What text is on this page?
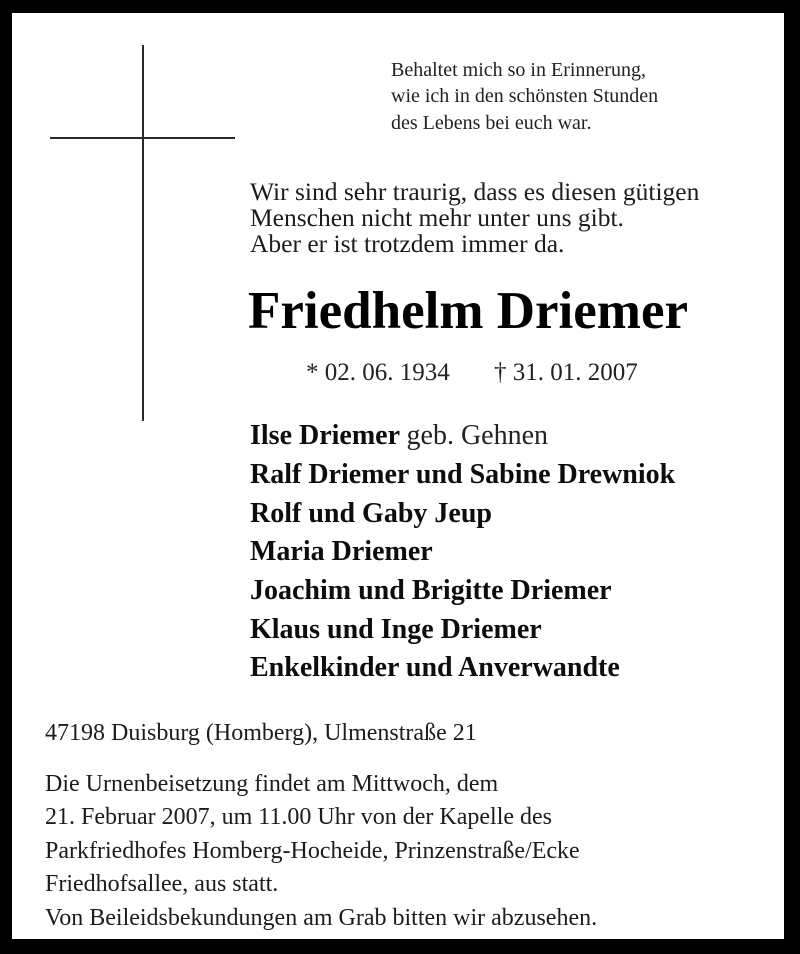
Behaltet mich so in Erinnerung,
wie ich in den schönsten Stunden
des Lebens bei euch war.
Wir sind sehr traurig, dass es diesen gütigen
Menschen nicht mehr unter uns gibt.
Aber er ist trotzdem immer da.
Friedhelm Driemer
* 02. 06. 1934 † 31. 01. 2007
Ilse Driemer geb. Gehnen
Ralf Driemer und Sabine Drewniok
Rolf und Gaby Jeup
Maria Driemer
Joachim und Brigitte Driemer
Klaus und Inge Driemer
Enkelkinder und Anverwandte
47198 Duisburg (Homberg), Ulmenstraße 21
Die Urnenbeisetzung findet am Mittwoch, dem
21. Februar 2007, um 11.00 Uhr von der Kapelle des
Parkfriedhofes Homberg-Hocheide, Prinzenstraße/Ecke
Friedhofsallee, aus statt.
Von Beileidsbekundungen am Grab bitten wir abzusehen.
